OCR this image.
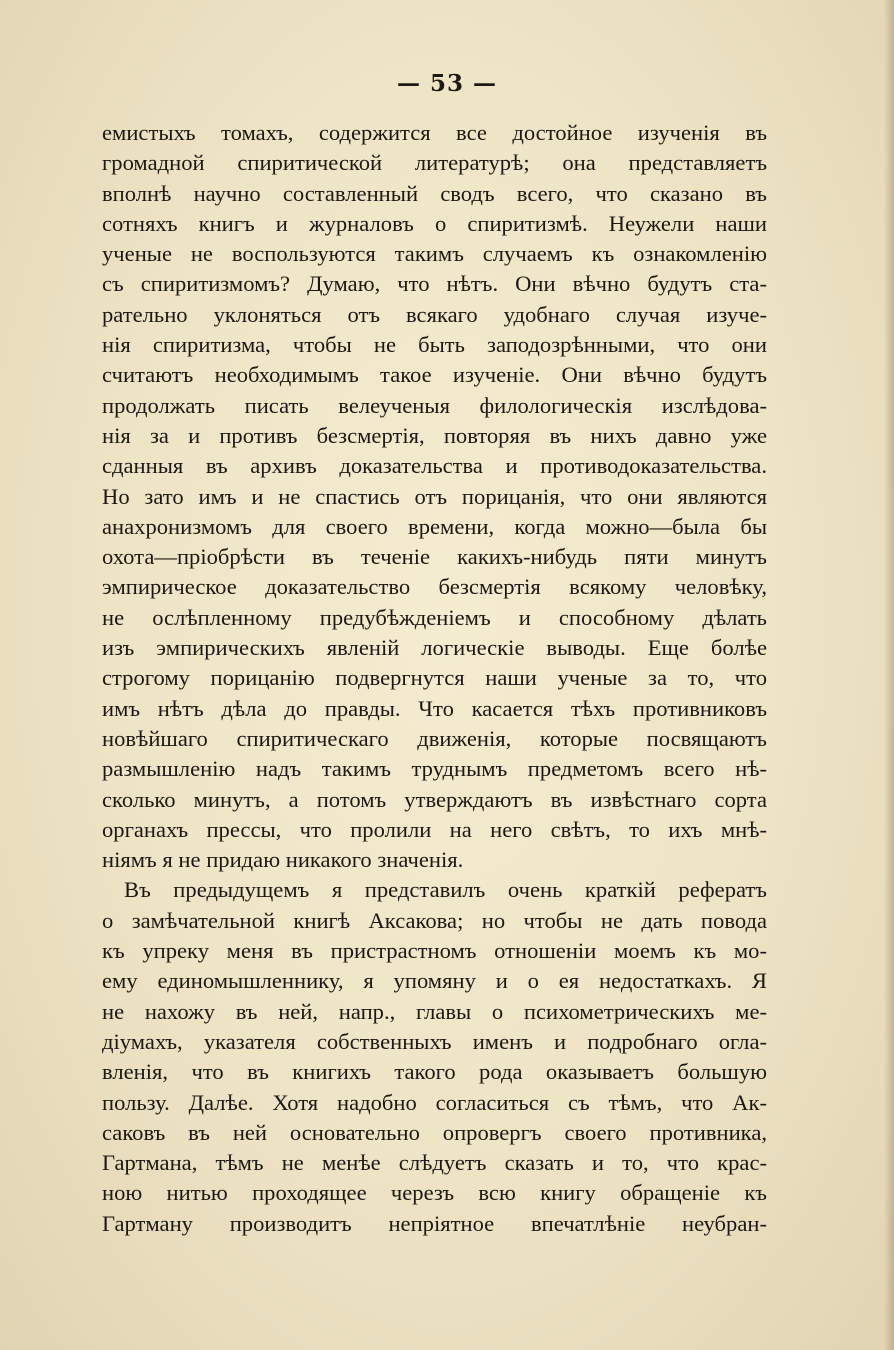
— 53 —
емистыхъ томахъ, содержится все достойное изученія въ
громадной спиритической литературѣ; она представляетъ
вполнѣ научно составленный сводъ всего, что сказано въ
сотняхъ книгъ и журналовъ о спиритизмѣ. Неужели наши
ученые не воспользуются такимъ случаемъ къ ознакомленію
съ спиритизмомъ? Думаю, что нѣтъ. Они вѣчно будутъ ста-
рательно уклоняться отъ всякаго удобнаго случая изуче-
нія спиритизма, чтобы не быть заподозрѣнными, что они
считаютъ необходимымъ такое изученіе. Они вѣчно будутъ
продолжать писать велеученыя филологическія изслѣдова-
нія за и противъ безсмертія, повторяя въ нихъ давно уже
сданныя въ архивъ доказательства и противодоказательства.
Но зато имъ и не спастись отъ порицанія, что они являются
анахронизмомъ для своего времени, когда можно—была бы
охота—пріобрѣсти въ теченіе какихъ-нибудь пяти минутъ
эмпирическое доказательство безсмертія всякому человѣку,
не ослѣпленному предубѣжденіемъ и способному дѣлать
изъ эмпирическихъ явленій логическіе выводы. Еще болѣе
строгому порицанію подвергнутся наши ученые за то, что
имъ нѣтъ дѣла до правды. Что касается тѣхъ противниковъ
новѣйшаго спиритическаго движенія, которые посвящаютъ
размышленію надъ такимъ труднымъ предметомъ всего нѣ-
сколько минутъ, а потомъ утверждаютъ въ извѣстнаго сорта
органахъ прессы, что пролили на него свѣтъ, то ихъ мнѣ-
ніямъ я не придаю никакого значенія.
Въ предыдущемъ я представилъ очень краткій рефератъ
о замѣчательной книгѣ Аксакова; но чтобы не дать повода
къ упреку меня въ пристрастномъ отношеніи моемъ къ мо-
ему единомышленнику, я упомяну и о ея недостаткахъ. Я
не нахожу въ ней, напр., главы о психометрическихъ ме-
діумахъ, указателя собственныхъ именъ и подробнаго огла-
вленія, что въ книгихъ такого рода оказываетъ большую
пользу. Далѣе. Хотя надобно согласиться съ тѣмъ, что Ак-
саковъ въ ней основательно опровергъ своего противника,
Гартмана, тѣмъ не менѣе слѣдуетъ сказать и то, что крас-
ною нитью проходящее черезъ всю книгу обращеніе къ
Гартману производитъ непріятное впечатлѣніе неубран-
